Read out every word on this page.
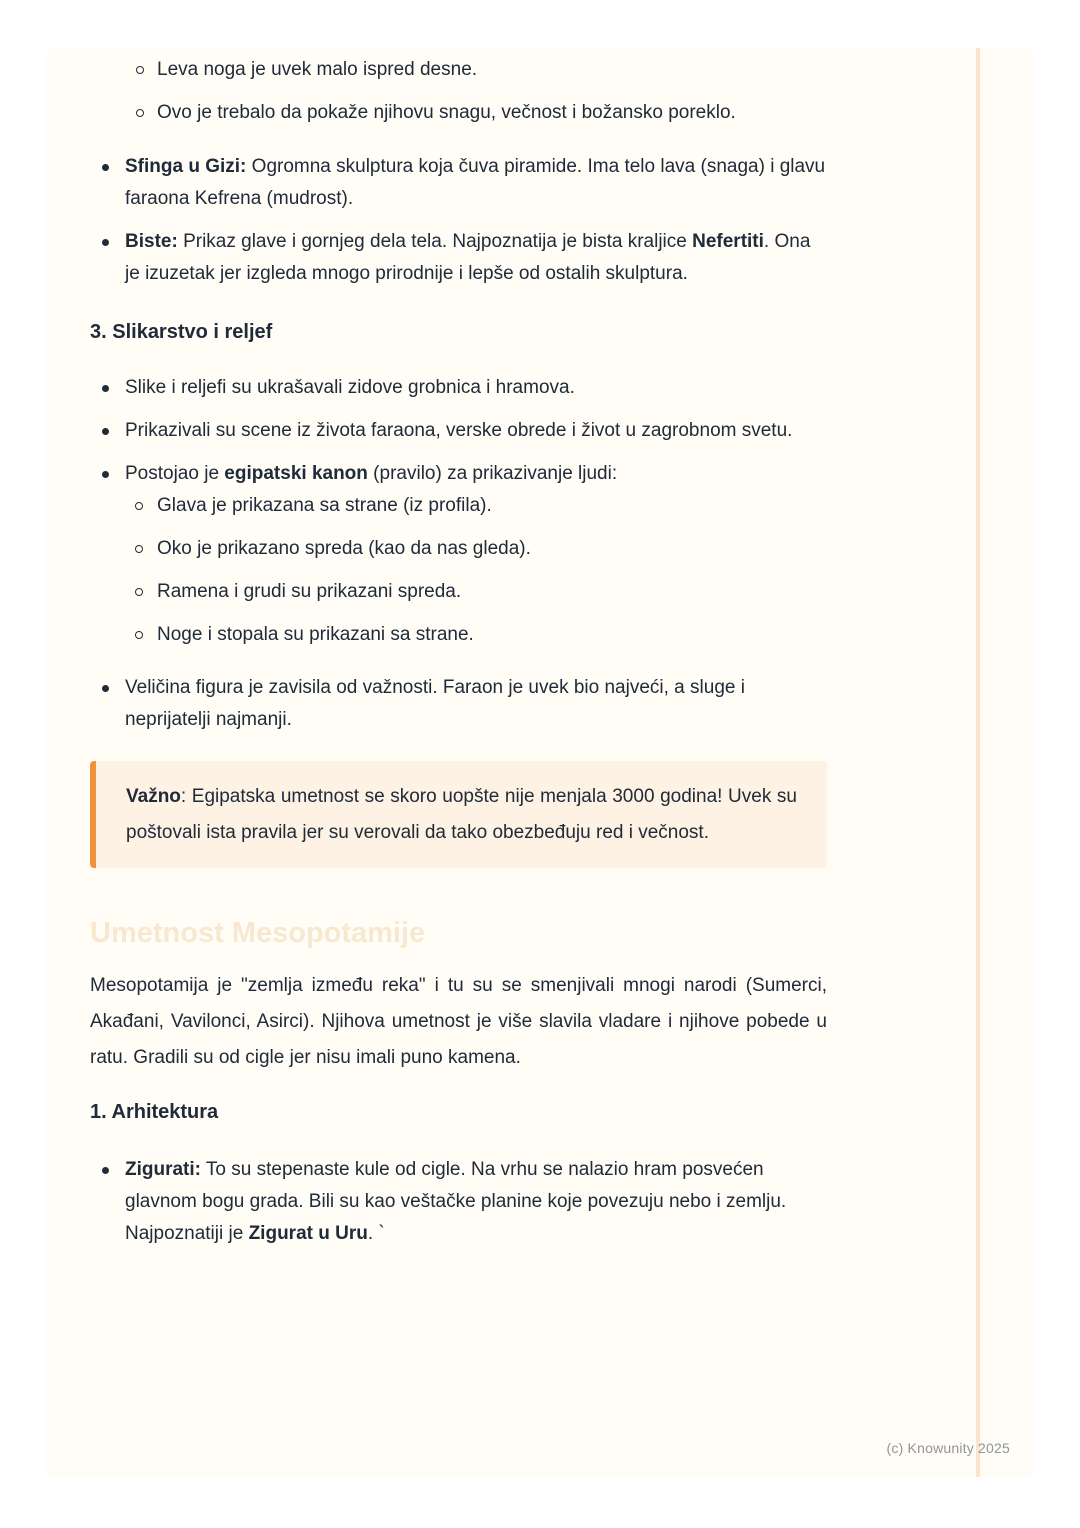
Leva noga je uvek malo ispred desne.
Ovo je trebalo da pokaže njihovu snagu, večnost i božansko poreklo.
Sfinga u Gizi: Ogromna skulptura koja čuva piramide. Ima telo lava (snaga) i glavu faraona Kefrena (mudrost).
Biste: Prikaz glave i gornjeg dela tela. Najpoznatija je bista kraljice Nefertiti. Ona je izuzetak jer izgleda mnogo prirodnije i lepše od ostalih skulptura.
3. Slikarstvo i reljef
Slike i reljefi su ukrašavali zidove grobnica i hramova.
Prikazivali su scene iz života faraona, verske obrede i život u zagrobnom svetu.
Postojao je egipatski kanon (pravilo) za prikazivanje ljudi:
Glava je prikazana sa strane (iz profila).
Oko je prikazano spreda (kao da nas gleda).
Ramena i grudi su prikazani spreda.
Noge i stopala su prikazani sa strane.
Veličina figura je zavisila od važnosti. Faraon je uvek bio najveći, a sluge i neprijatelji najmanji.
Važno: Egipatska umetnost se skoro uopšte nije menjala 3000 godina! Uvek su poštovali ista pravila jer su verovali da tako obezbeđuju red i večnost.
Umetnost Mesopotamije

Mesopotamija je "zemlja između reka" i tu su se smenjivali mnogi narodi (Sumerci, Akađani, Vavilonci, Asirci). Njihova umetnost je više slavila vladare i njihove pobede u ratu. Gradili su od cigle jer nisu imali puno kamena.

1. Arhitektura
Zigurati: To su stepenaste kule od cigle. Na vrhu se nalazio hram posvećen glavnom bogu grada. Bili su kao veštačke planine koje povezuju nebo i zemlju. Najpoznatiji je Zigurat u Uru. `
(c) Knowunity 2025
